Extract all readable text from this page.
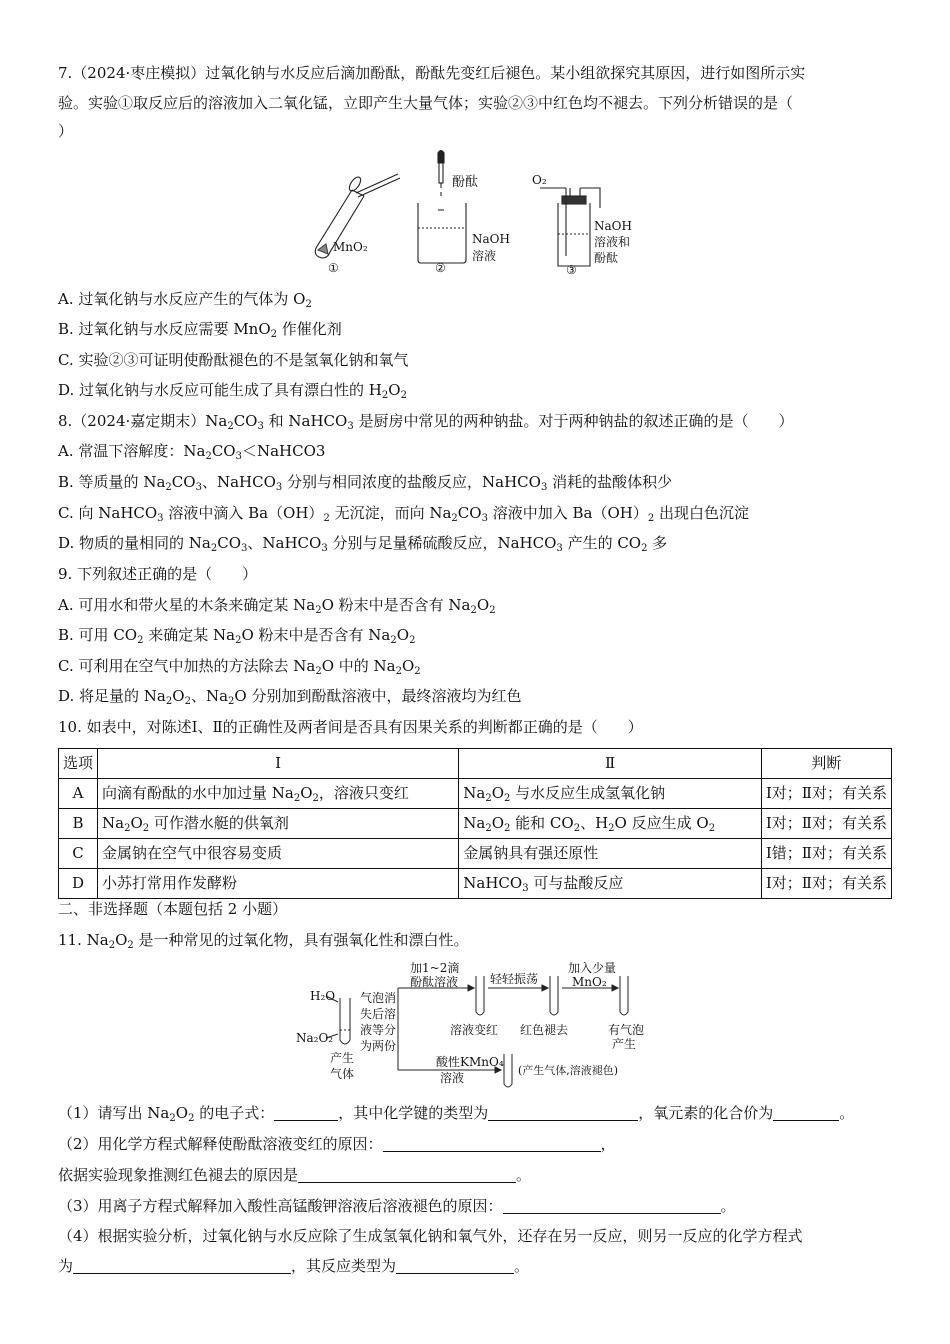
7.（2024·枣庄模拟）过氧化钠与水反应后滴加酚酞，酚酞先变红后褪色。某小组欲探究其原因，进行如图所示实
验。实验①取反应后的溶液加入二氧化锰，立即产生大量气体；实验②③中红色均不褪去。下列分析错误的是（
）
MnO₂
①
酚酞
NaOH
溶液
②
O₂
NaOH
溶液和
酚酞
③
A. 过氧化钠与水反应产生的气体为 $O_2$
B. 过氧化钠与水反应需要 MnO$_2$ 作催化剂
C. 实验②③可证明使酚酞褪色的不是氢氧化钠和氧气
D. 过氧化钠与水反应可能生成了具有漂白性的 $H_2O_2$
8.（2024·嘉定期末）$Na_2CO_3$ 和 NaHCO$_3$ 是厨房中常见的两种钠盐。对于两种钠盐的叙述正确的是（　　）
A. 常温下溶解度：$Na_2CO_3<NaHCO3$
B. 等质量的 $Na_2CO_3$、NaHCO$_3$ 分别与相同浓度的盐酸反应，NaHCO$_3$ 消耗的盐酸体积少
C. 向 NaHCO$_3$ 溶液中滴入 $Ba(OH)_2$ 无沉淀，而向 $Na_2CO_3$ 溶液中加入 $Ba(OH)_2$ 出现白色沉淀
D. 物质的量相同的 $Na_2CO_3$、NaHCO$_3$ 分别与足量稀硫酸反应，NaHCO$_3$ 产生的 $CO_2$ 多
9. 下列叙述正确的是（　　）
A. 可用水和带火星的木条来确定某 $Na_2O$ 粉末中是否含有 $Na_2O_2$
B. 可用 $CO_2$ 来确定某 $Na_2O$ 粉末中是否含有 $Na_2O_2$
C. 可利用在空气中加热的方法除去 $Na_2O$ 中的 $Na_2O_2$
D. 将足量的 $Na_2O_2$、$Na_2O$ 分别加到酚酞溶液中，最终溶液均为红色
10. 如表中，对陈述Ⅰ、Ⅱ的正确性及两者间是否具有因果关系的判断都正确的是（　　）
选项	Ⅰ	Ⅱ	判断
A	向滴有酚酞的水中加过量 $Na_2O_2$，溶液只变红	$Na_2O_2$ 与水反应生成氢氧化钠	Ⅰ对；Ⅱ对；有关系
B	$Na_2O_2$ 可作潜水艇的供氧剂	$Na_2O_2$ 能和 $CO_2$、$H_2O$ 反应生成 $O_2$	Ⅰ对；Ⅱ对；有关系
C	金属钠在空气中很容易变质	金属钠具有强还原性	Ⅰ错；Ⅱ对；有关系
D	小苏打常用作发酵粉	NaHCO$_3$ 可与盐酸反应	Ⅰ对；Ⅱ对；有关系
二、非选择题（本题包括 2 小题）
11. $Na_2O_2$ 是一种常见的过氧化物，具有强氧化性和漂白性。
H₂O
Na₂O₂
产生
气体
气泡消
失后溶
液等分
为两份
加1~2滴
酚酞溶液
溶液变红
轻轻振荡
红色褪去
加入少量
MnO₂
有气泡
产生
酸性KMnO₄
溶液
(产生气体,溶液褪色)
（1）请写出 $Na_2O_2$ 的电子式：	，其中化学键的类型为	，氧元素的化合价为	。
（2）用化学方程式解释使酚酞溶液变红的原因：	，
依据实验现象推测红色褪去的原因是	。
（3）用离子方程式解释加入酸性高锰酸钾溶液后溶液褪色的原因：	。
（4）根据实验分析，过氧化钠与水反应除了生成氢氧化钠和氧气外，还存在另一反应，则另一反应的化学方程式
为	，其反应类型为	。
